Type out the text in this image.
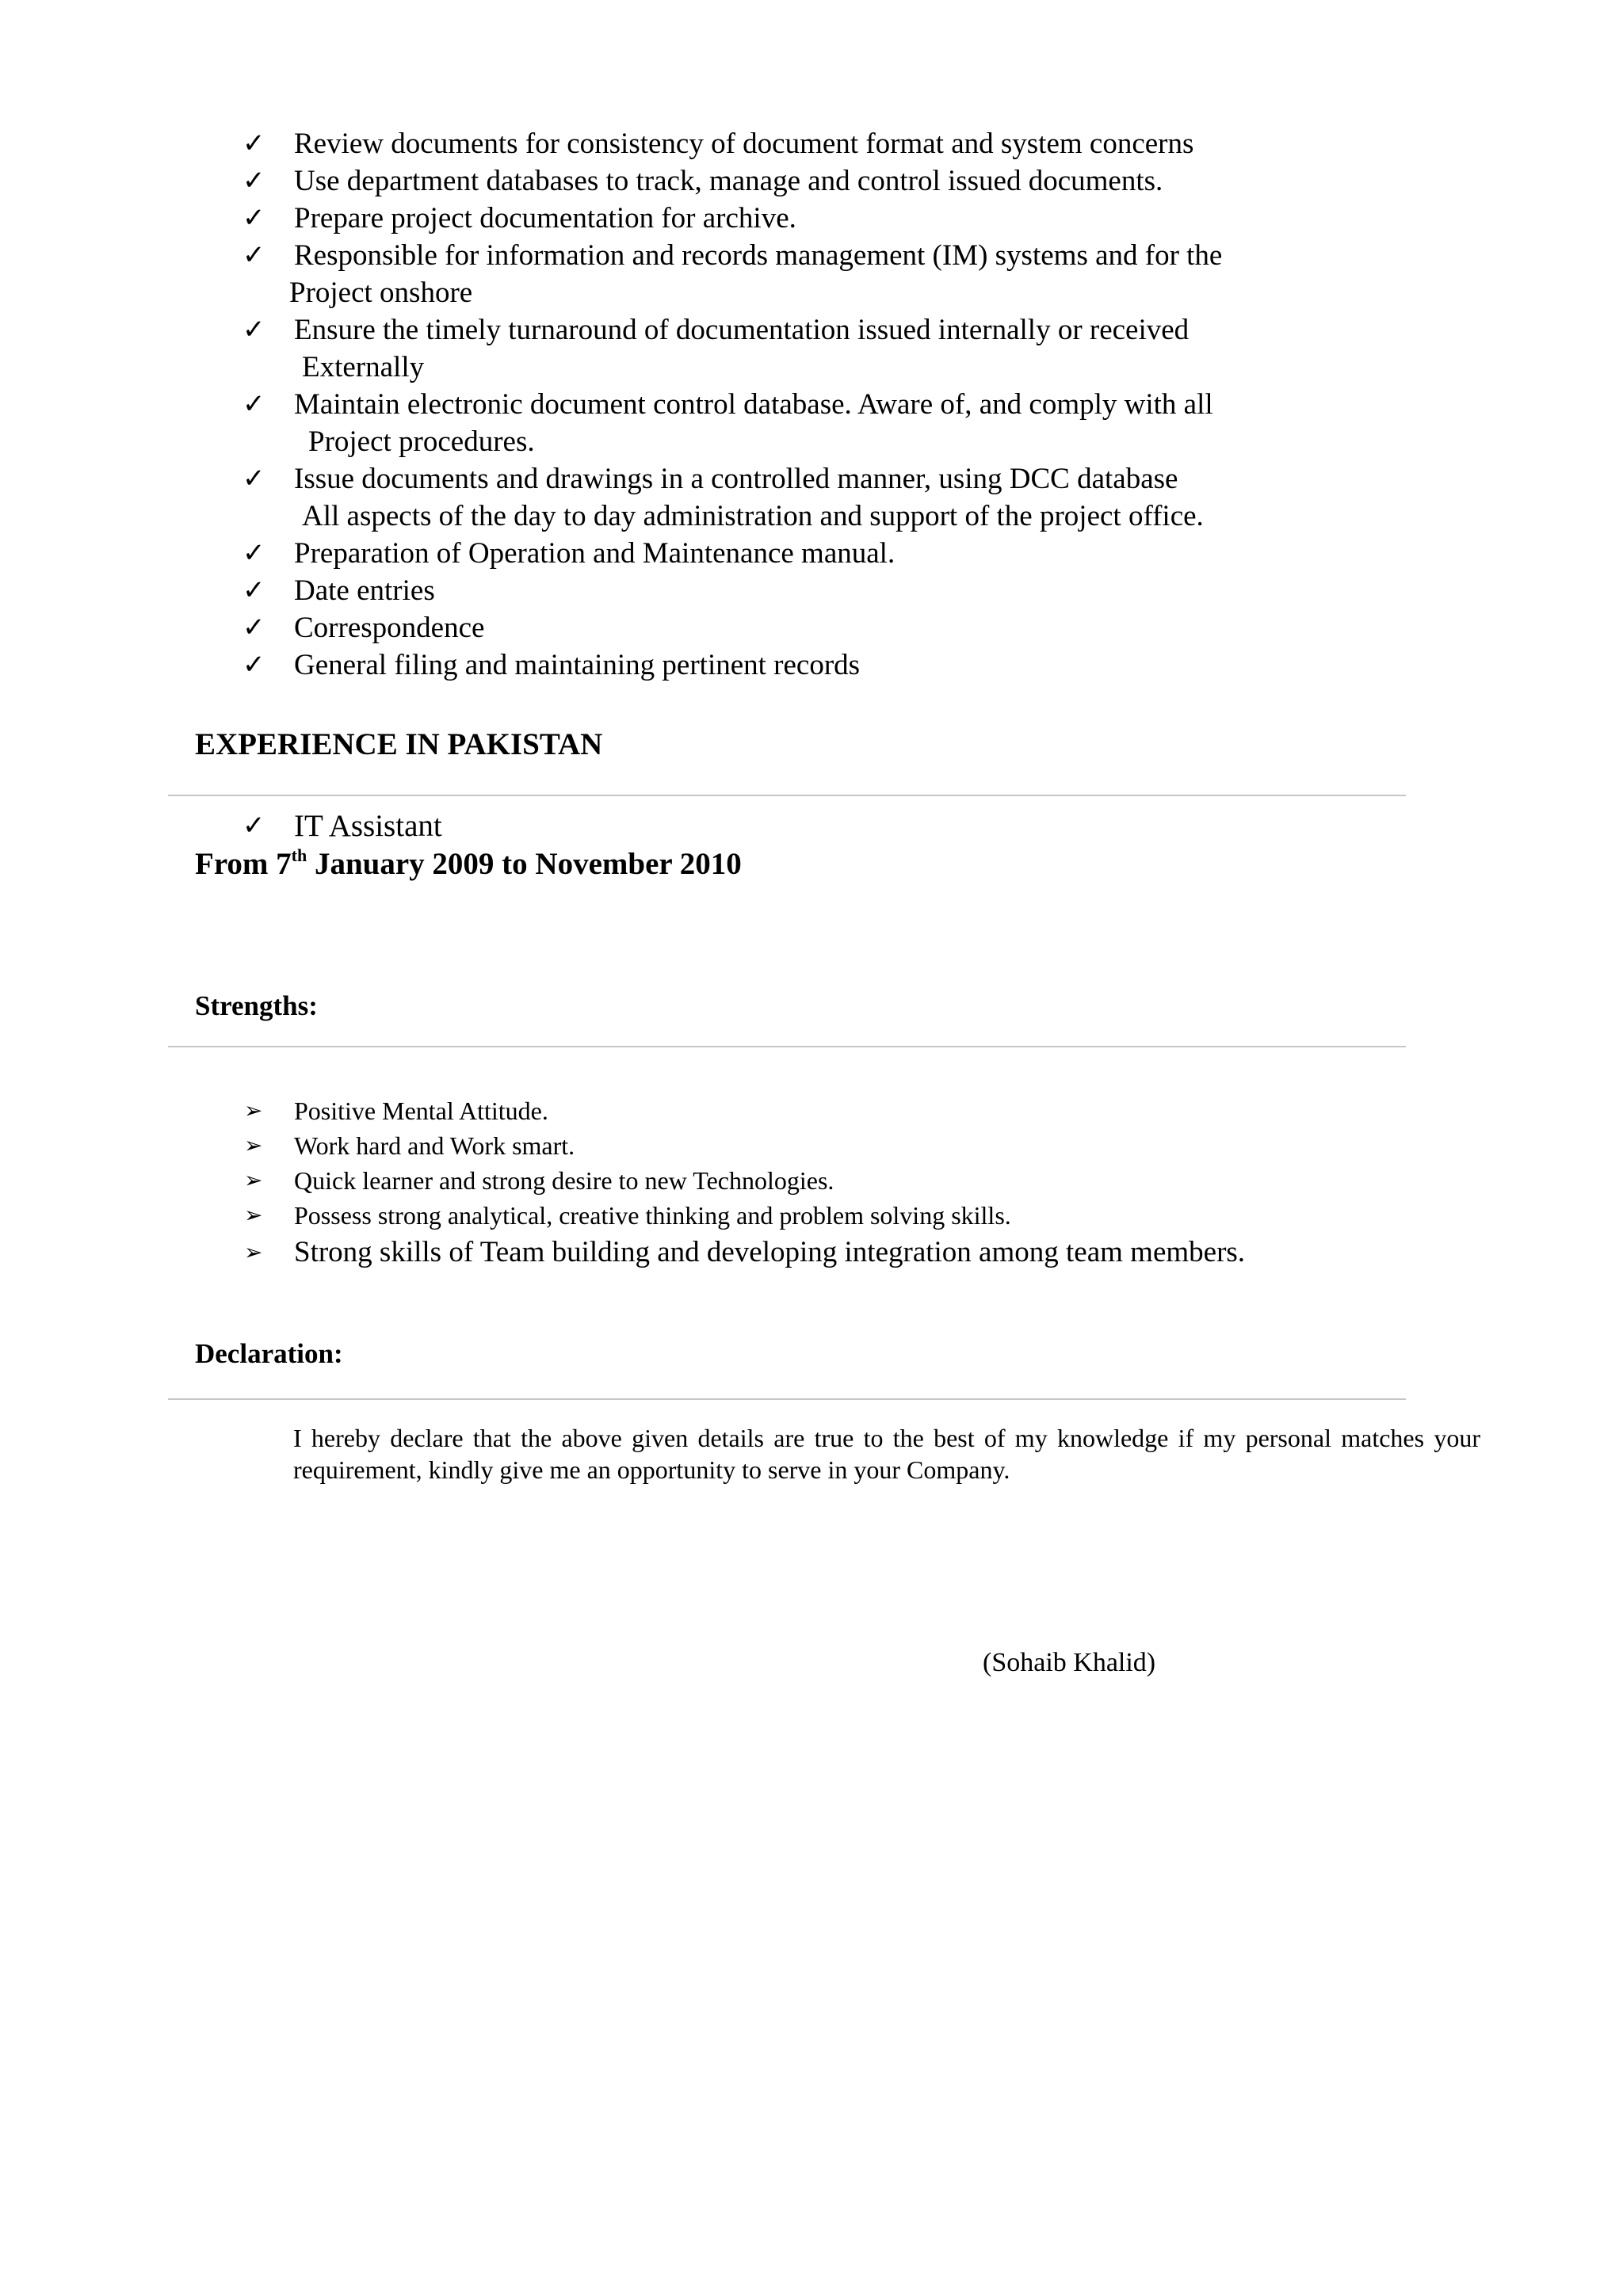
✓ Review documents for consistency of document format and system concerns
✓ Use department databases to track, manage and control issued documents.
✓ Prepare project documentation for archive.
✓ Responsible for information and records management (IM) systems and for the
Project onshore
✓ Ensure the timely turnaround of documentation issued internally or received
Externally
✓ Maintain electronic document control database. Aware of, and comply with all
Project procedures.
✓ Issue documents and drawings in a controlled manner, using DCC database
All aspects of the day to day administration and support of the project office.
✓ Preparation of Operation and Maintenance manual.
✓ Date entries
✓ Correspondence
✓ General filing and maintaining pertinent records
EXPERIENCE IN PAKISTAN
✓ IT Assistant
From 7th January 2009 to November 2010
Strengths:
➢ Positive Mental Attitude.
➢ Work hard and Work smart.
➢ Quick learner and strong desire to new Technologies.
➢ Possess strong analytical, creative thinking and problem solving skills.
➢ Strong skills of Team building and developing integration among team members.
Declaration:
I hereby declare that the above given details are true to the best of my knowledge if my personal matches your requirement, kindly give me an opportunity to serve in your Company.
(Sohaib Khalid)
